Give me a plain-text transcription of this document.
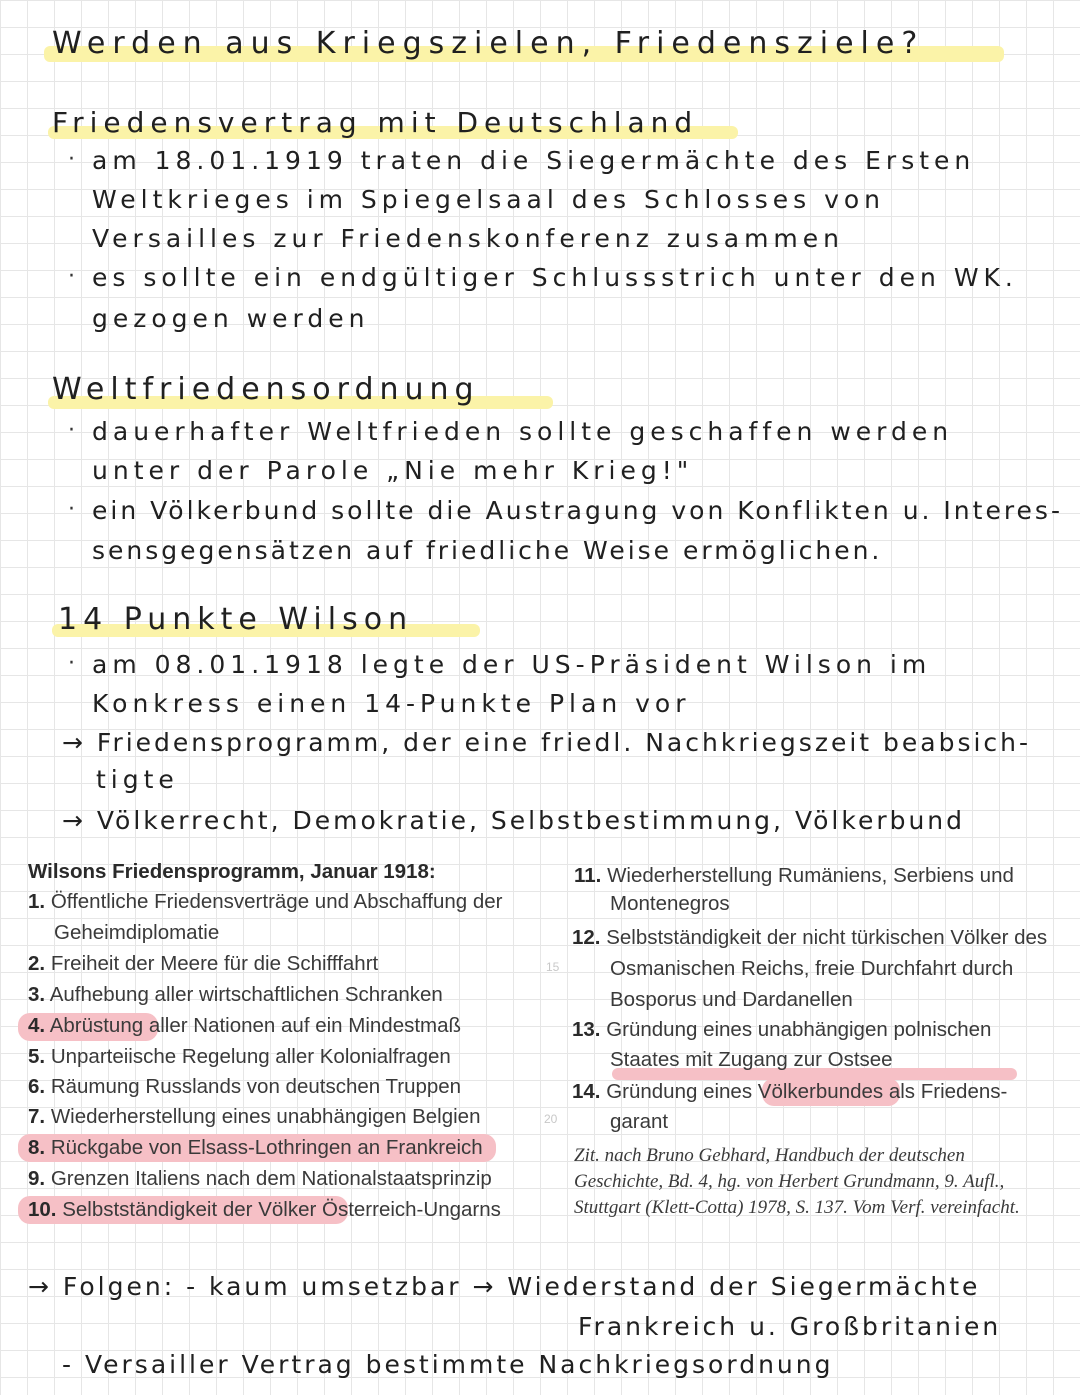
Werden aus Kriegszielen, Friedensziele?
Friedensvertrag mit Deutschland
· am 18.01.1919 traten die Siegermächte des Ersten
Weltkrieges im Spiegelsaal des Schlosses von
Versailles zur Friedenskonferenz zusammen
· es sollte ein endgültiger Schlussstrich unter den WK.
gezogen werden
Weltfriedensordnung
· dauerhafter Weltfrieden sollte geschaffen werden
unter der Parole „Nie mehr Krieg!"
· ein Völkerbund sollte die Austragung von Konflikten u. Interes-
sensgegensätzen auf friedliche Weise ermöglichen.
14 Punkte Wilson
· am 08.01.1918 legte der US-Präsident Wilson im
Konkress einen 14-Punkte Plan vor
→ Friedensprogramm, der eine friedl. Nachkriegszeit beabsich-
tigte
→ Völkerrecht, Demokratie, Selbstbestimmung, Völkerbund
Wilsons Friedensprogramm, Januar 1918:
1. Öffentliche Friedensverträge und Abschaffung der
Geheimdiplomatie
2. Freiheit der Meere für die Schifffahrt
3. Aufhebung aller wirtschaftlichen Schranken
4. Abrüstung aller Nationen auf ein Mindestmaß
5. Unparteiische Regelung aller Kolonialfragen
6. Räumung Russlands von deutschen Truppen
7. Wiederherstellung eines unabhängigen Belgien
8. Rückgabe von Elsass-Lothringen an Frankreich
9. Grenzen Italiens nach dem Nationalstaatsprinzip
10. Selbstständigkeit der Völker Österreich-Ungarns
15
20
11. Wiederherstellung Rumäniens, Serbiens und
Montenegros
12. Selbstständigkeit der nicht türkischen Völker des
Osmanischen Reichs, freie Durchfahrt durch
Bosporus und Dardanellen
13. Gründung eines unabhängigen polnischen
Staates mit Zugang zur Ostsee
14. Gründung eines Völkerbundes als Friedens-
garant
Zit. nach Bruno Gebhard, Handbuch der deutschen
Geschichte, Bd. 4, hg. von Herbert Grundmann, 9. Aufl.,
Stuttgart (Klett-Cotta) 1978, S. 137. Vom Verf. vereinfacht.
→ Folgen: - kaum umsetzbar → Wiederstand der Siegermächte
Frankreich u. Großbritanien
- Versailler Vertrag bestimmte Nachkriegsordnung
